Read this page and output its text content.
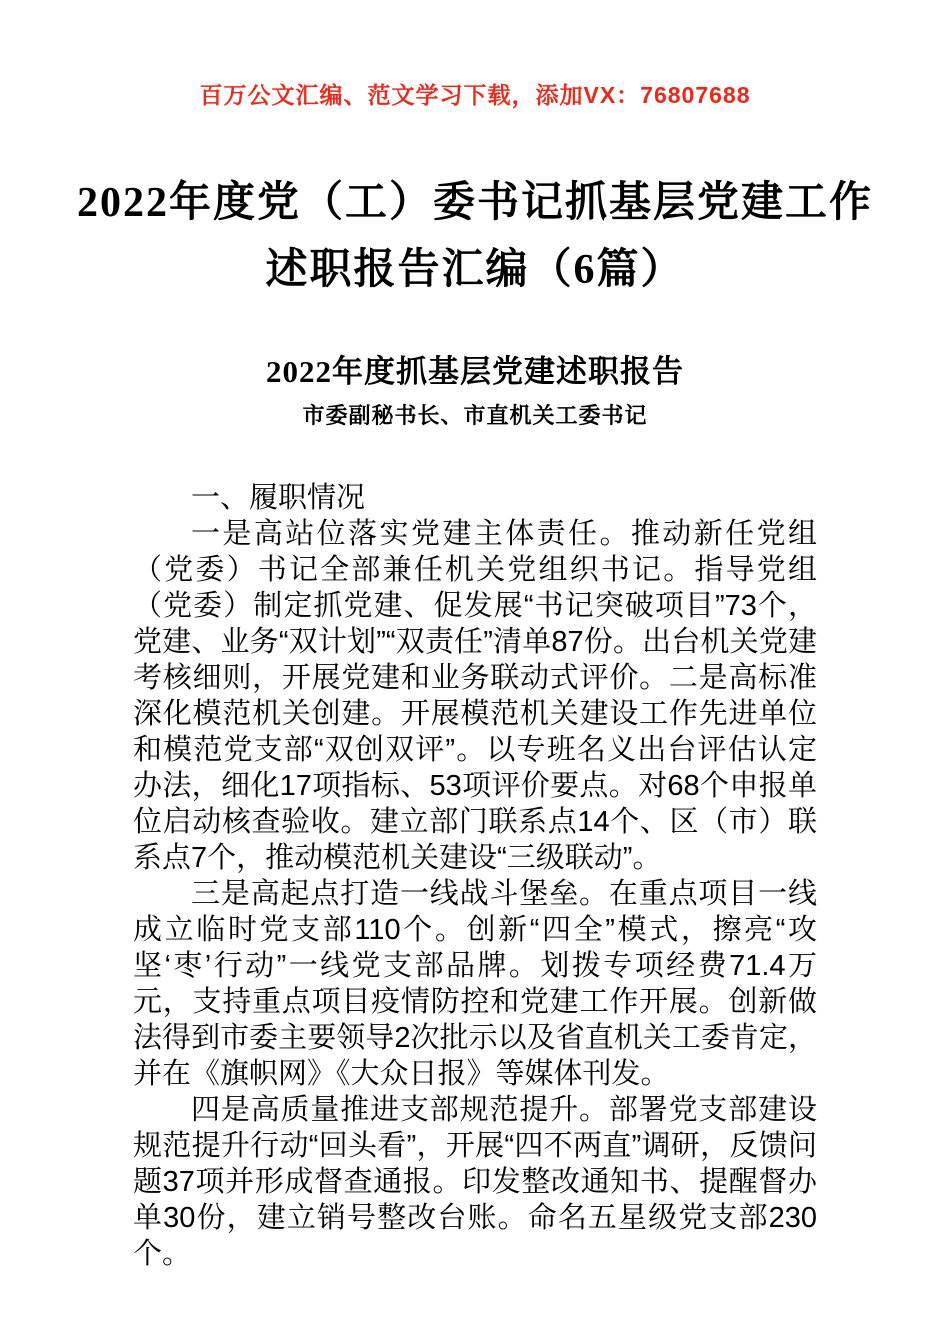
百万公文汇编、范文学习下载，添加VX：76807688
2022年度党（工）委书记抓基层党建工作
述职报告汇编（6篇）
2022年度抓基层党建述职报告
市委副秘书长、市直机关工委书记

一、履职情况

一是高站位落实党建主体责任。推动新任党组（党委）书记全部兼任机关党组织书记。指导党组（党委）制定抓党建、促发展“书记突破项目”73个，党建、业务“双计划”“双责任”清单87份。出台机关党建考核细则，开展党建和业务联动式评价。二是高标准深化模范机关创建。开展模范机关建设工作先进单位和模范党支部“双创双评”。以专班名义出台评估认定办法，细化17项指标、53项评价要点。对68个申报单位启动核查验收。建立部门联系点14个、区（市）联系点7个，推动模范机关建设“三级联动”。

三是高起点打造一线战斗堡垒。在重点项目一线成立临时党支部110个。创新“四全”模式，擦亮“攻坚‘枣’行动”一线党支部品牌。划拨专项经费71.4万元，支持重点项目疫情防控和党建工作开展。创新做法得到市委主要领导2次批示以及省直机关工委肯定，并在《旗帜网》《大众日报》等媒体刊发。

四是高质量推进支部规范提升。部署党支部建设规范提升行动“回头看”，开展“四不两直”调研，反馈问题37项并形成督查通报。印发整改通知书、提醒督办单30份，建立销号整改台账。命名五星级党支部230个。
